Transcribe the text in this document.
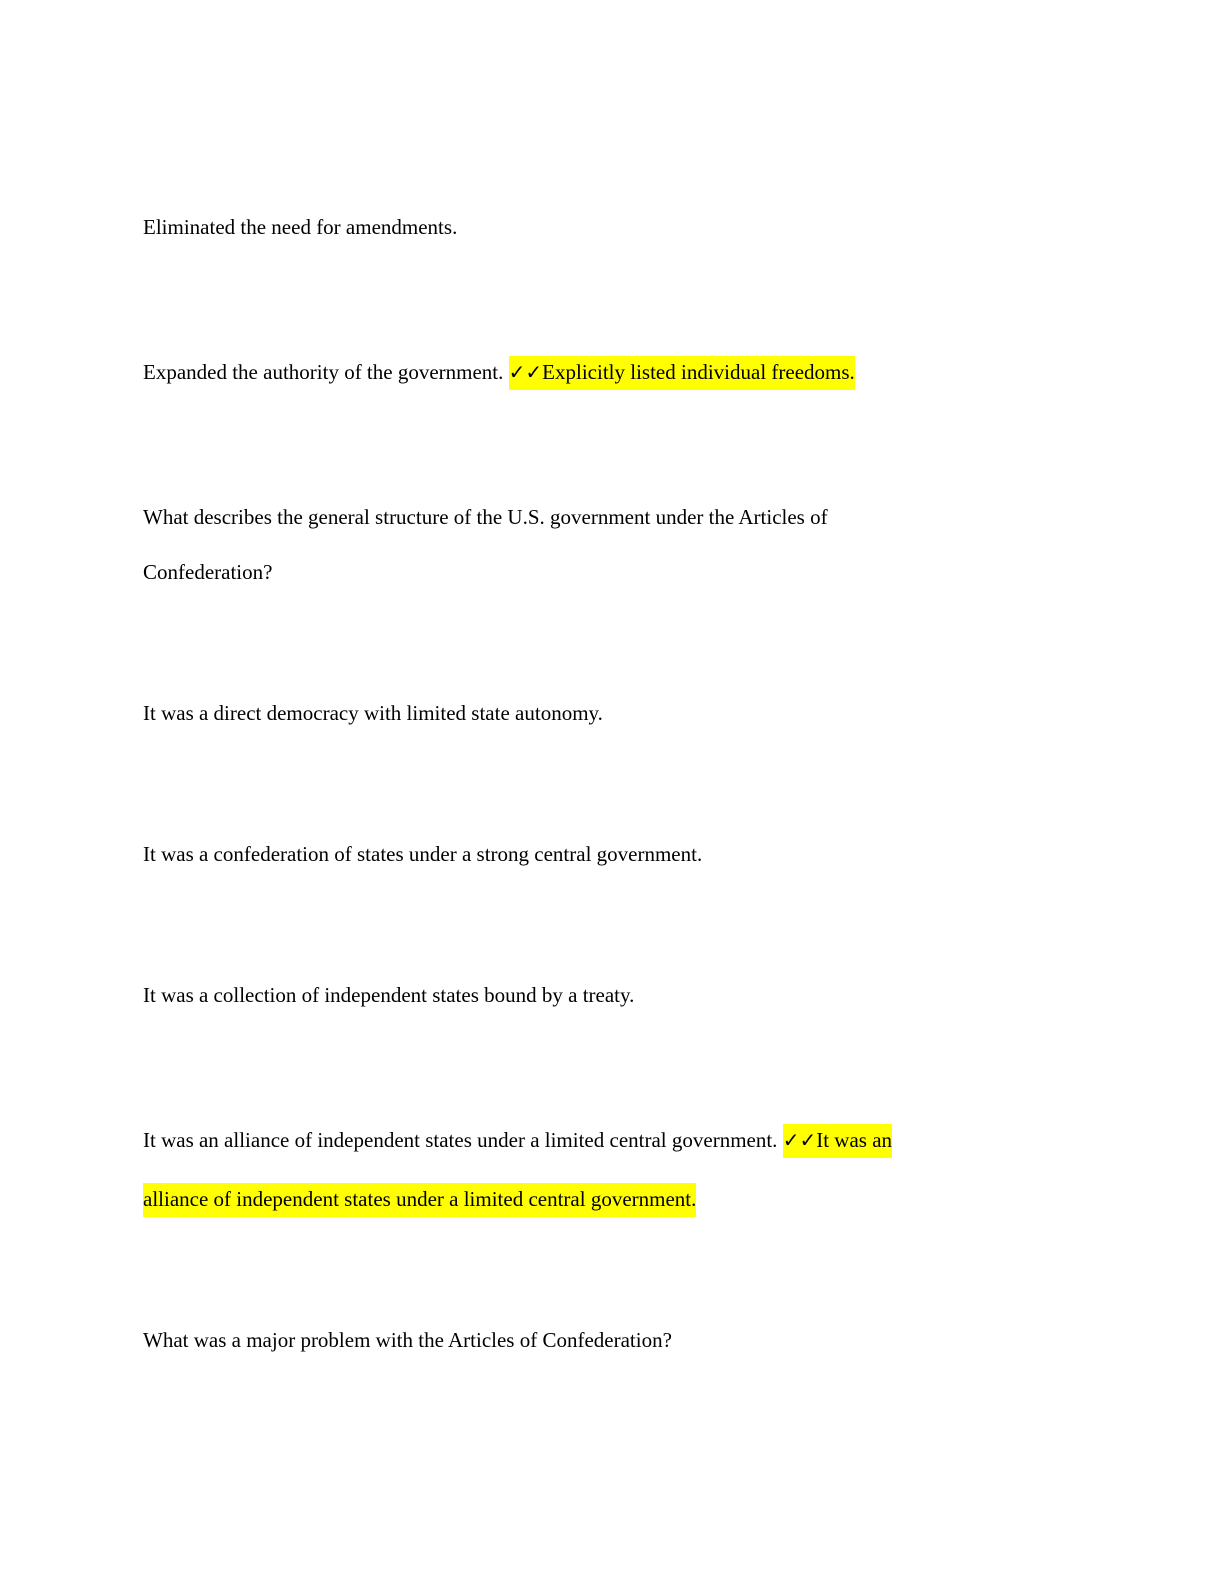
Eliminated the need for amendments.
Expanded the authority of the government. ✓✓Explicitly listed individual freedoms.
What describes the general structure of the U.S. government under the Articles of
Confederation?
It was a direct democracy with limited state autonomy.
It was a confederation of states under a strong central government.
It was a collection of independent states bound by a treaty.
It was an alliance of independent states under a limited central government. ✓✓It was an
alliance of independent states under a limited central government.
What was a major problem with the Articles of Confederation?
